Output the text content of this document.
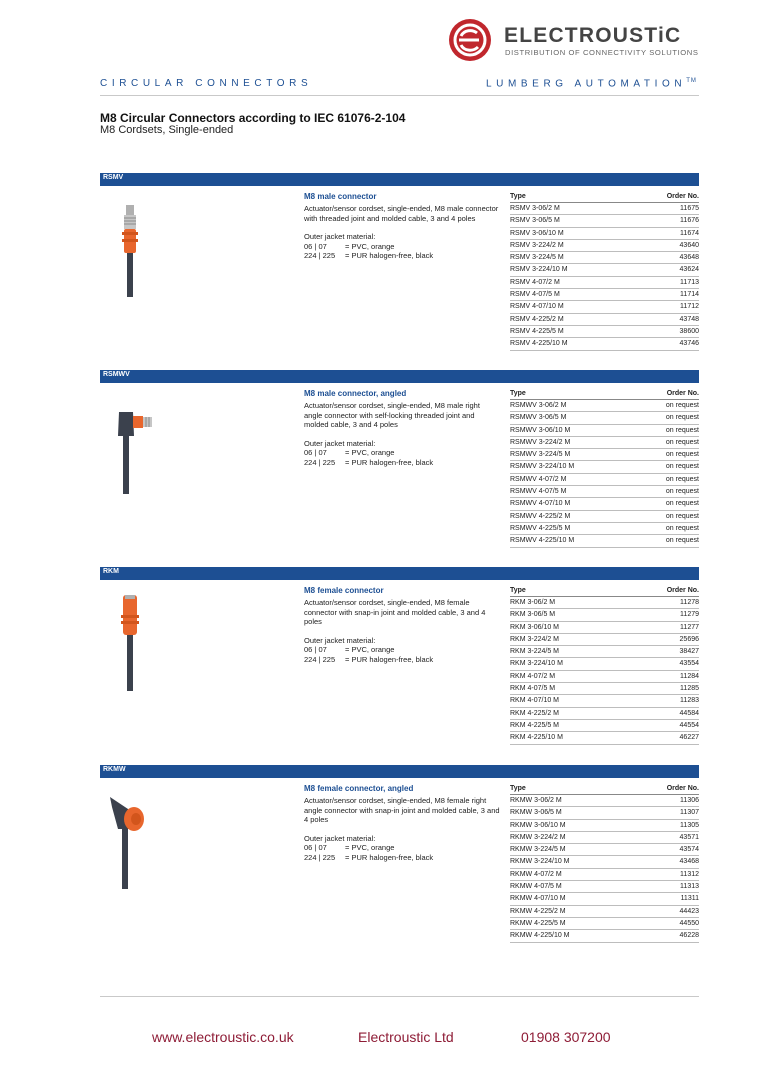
ELECTROUSTiC
DISTRIBUTION OF CONNECTIVITY SOLUTIONS
CIRCULAR CONNECTORS	LUMBERG AUTOMATION™
M8 Circular Connectors according to IEC 61076-2-104
M8 Cordsets, Single-ended
RSMV
M8 male connector
Actuator/sensor cordset, single-ended, M8 male connector with threaded joint and molded cable, 3 and 4 poles
Outer jacket material:
06 | 07	= PVC, orange
224 | 225	= PUR halogen-free, black
Type	Order No.
RSMV 3-06/2 M	11675
RSMV 3-06/5 M	11676
RSMV 3-06/10 M	11674
RSMV 3-224/2 M	43640
RSMV 3-224/5 M	43648
RSMV 3-224/10 M	43624
RSMV 4-07/2 M	11713
RSMV 4-07/5 M	11714
RSMV 4-07/10 M	11712
RSMV 4-225/2 M	43748
RSMV 4-225/5 M	38600
RSMV 4-225/10 M	43746
RSMWV
M8 male connector, angled
Actuator/sensor cordset, single-ended, M8 male right angle connector with self-locking threaded joint and molded cable, 3 and 4 poles
Outer jacket material:
06 | 07	= PVC, orange
224 | 225	= PUR halogen-free, black
Type	Order No.
RSMWV 3-06/2 M	on request
RSMWV 3-06/5 M	on request
RSMWV 3-06/10 M	on request
RSMWV 3-224/2 M	on request
RSMWV 3-224/5 M	on request
RSMWV 3-224/10 M	on request
RSMWV 4-07/2 M	on request
RSMWV 4-07/5 M	on request
RSMWV 4-07/10 M	on request
RSMWV 4-225/2 M	on request
RSMWV 4-225/5 M	on request
RSMWV 4-225/10 M	on request
RKM
M8 female connector
Actuator/sensor cordset, single-ended, M8 female connector with snap-in joint and molded cable, 3 and 4 poles
Outer jacket material:
06 | 07	= PVC, orange
224 | 225	= PUR halogen-free, black
Type	Order No.
RKM 3-06/2 M	11278
RKM 3-06/5 M	11279
RKM 3-06/10 M	11277
RKM 3-224/2 M	25696
RKM 3-224/5 M	38427
RKM 3-224/10 M	43554
RKM 4-07/2 M	11284
RKM 4-07/5 M	11285
RKM 4-07/10 M	11283
RKM 4-225/2 M	44584
RKM 4-225/5 M	44554
RKM 4-225/10 M	46227
RKMW
M8 female connector, angled
Actuator/sensor cordset, single-ended, M8 female right angle connector with snap-in joint and molded cable, 3 and 4 poles
Outer jacket material:
06 | 07	= PVC, orange
224 | 225	= PUR halogen-free, black
Type	Order No.
RKMW 3-06/2 M	11306
RKMW 3-06/5 M	11307
RKMW 3-06/10 M	11305
RKMW 3-224/2 M	43571
RKMW 3-224/5 M	43574
RKMW 3-224/10 M	43468
RKMW 4-07/2 M	11312
RKMW 4-07/5 M	11313
RKMW 4-07/10 M	11311
RKMW 4-225/2 M	44423
RKMW 4-225/5 M	44550
RKMW 4-225/10 M	46228
www.electroustic.co.uk	Electroustic Ltd	01908 307200
